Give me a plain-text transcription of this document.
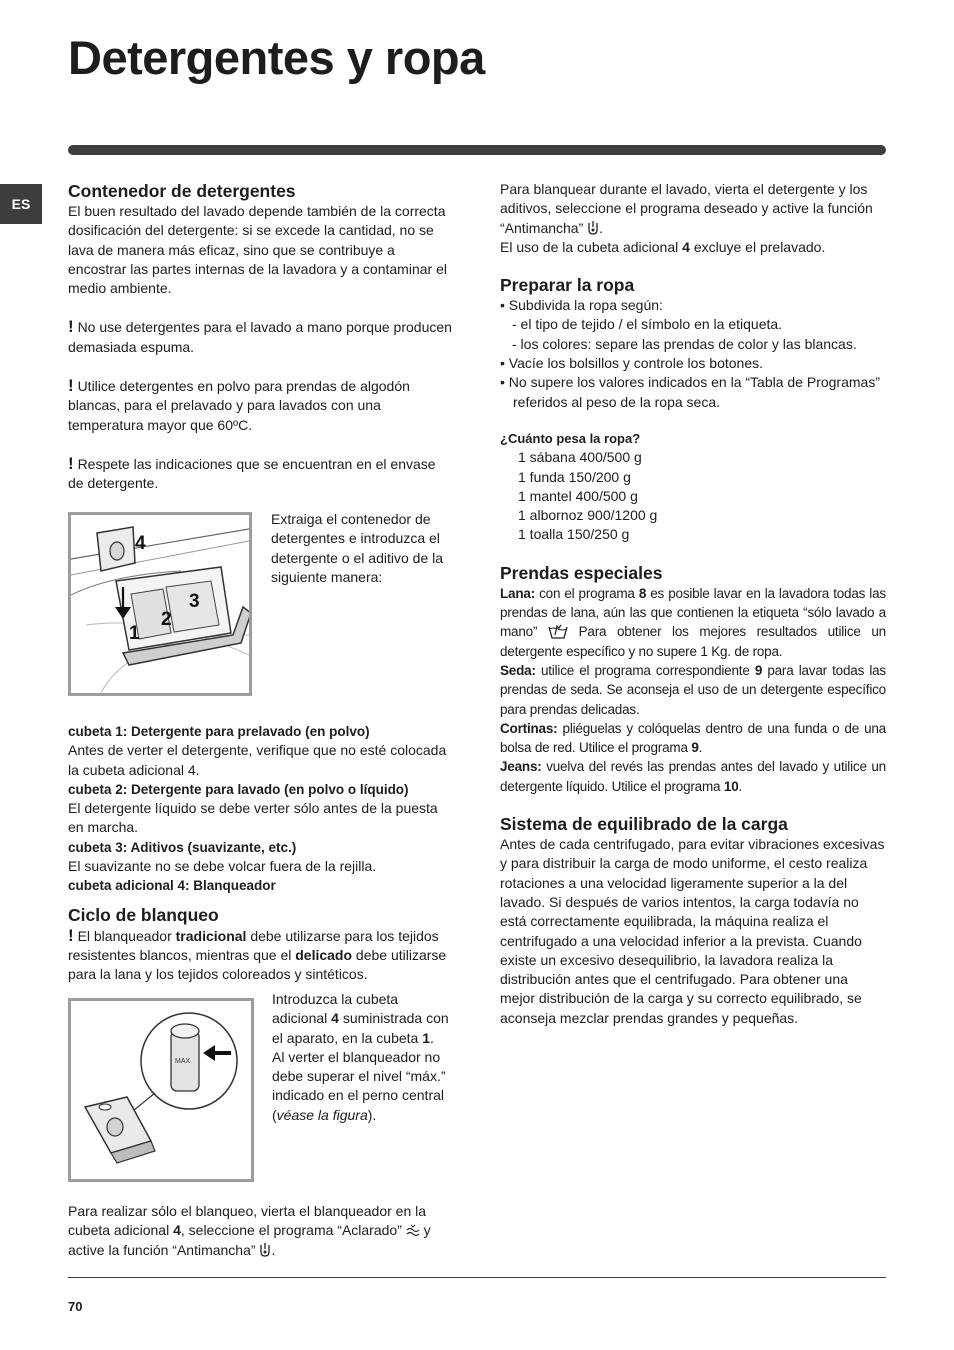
Detergentes y ropa
ES
Contenedor de detergentes

El buen resultado del lavado depende también de la correcta dosificación del detergente: si se excede la cantidad, no se lava de manera más eficaz, sino que se contribuye a encostrar las partes internas de la lavadora y a contaminar el medio ambiente.

! No use detergentes para el lavado a mano porque producen demasiada espuma.

! Utilice detergentes en polvo para prendas de algodón blancas, para el prelavado y para lavados con una temperatura mayor que 60ºC.

! Respete las indicaciones que se encuentran en el envase de detergente.

4
1
2
3

Extraiga el contenedor de detergentes e introduzca el detergente o el aditivo de la siguiente manera:

cubeta 1: Detergente para prelavado (en polvo)

Antes de verter el detergente, verifique que no esté colocada la cubeta adicional 4.

cubeta 2: Detergente para lavado (en polvo o líquido)

El detergente líquido se debe verter sólo antes de la puesta en marcha.

cubeta 3: Aditivos (suavizante, etc.)

El suavizante no se debe volcar fuera de la rejilla.

cubeta adicional 4: Blanqueador

Ciclo de blanqueo

! El blanqueador tradicional debe utilizarse para los tejidos resistentes blancos, mientras que el delicado debe utilizarse para la lana y los tejidos coloreados y sintéticos.

MAX

Introduzca la cubeta adicional 4 suministrada con el aparato, en la cubeta 1.
Al verter el blanqueador no debe superar el nivel “máx.” indicado en el perno central (véase la figura).

Para realizar sólo el blanqueo, vierta el blanqueador en la cubeta adicional 4, seleccione el programa “Aclarado” y active la función “Antimancha” .

Para blanquear durante el lavado, vierta el detergente y los aditivos, seleccione el programa deseado y active la función “Antimancha” .

El uso de la cubeta adicional 4 excluye el prelavado.

Preparar la ropa

• Subdivida la ropa según:

- el tipo de tejido / el símbolo en la etiqueta.

- los colores: separe las prendas de color y las blancas.

• Vacíe los bolsillos y controle los botones.

• No supere los valores indicados en la “Tabla de Programas” referidos al peso de la ropa seca.

¿Cuánto pesa la ropa?

1 sábana 400/500 g

1 funda 150/200 g

1 mantel 400/500 g

1 albornoz 900/1200 g

1 toalla 150/250 g

Prendas especiales

Lana: con el programa 8 es posible lavar en la lavadora todas las prendas de lana, aún las que contienen la etiqueta “sólo lavado a mano”	Para obtener los mejores resultados utilice un detergente específico y no supere 1 Kg. de ropa.

Seda: utilice el programa correspondiente 9 para lavar todas las prendas de seda. Se aconseja el uso de un detergente específico para prendas delicadas.

Cortinas: pliéguelas y colóquelas dentro de una funda o de una bolsa de red. Utilice el programa 9.

Jeans: vuelva del revés las prendas antes del lavado y utilice un detergente líquido. Utilice el programa 10.

Sistema de equilibrado de la carga

Antes de cada centrifugado, para evitar vibraciones excesivas y para distribuir la carga de modo uniforme, el cesto realiza rotaciones a una velocidad ligeramente superior a la del lavado. Si después de varios intentos, la carga todavía no está correctamente equilibrada, la máquina realiza el centrifugado a una velocidad inferior a la prevista. Cuando existe un excesivo desequilibrio, la lavadora realiza la distribución antes que el centrifugado. Para obtener una mejor distribución de la carga y su correcto equilibrado, se aconseja mezclar prendas grandes y pequeñas.

70
